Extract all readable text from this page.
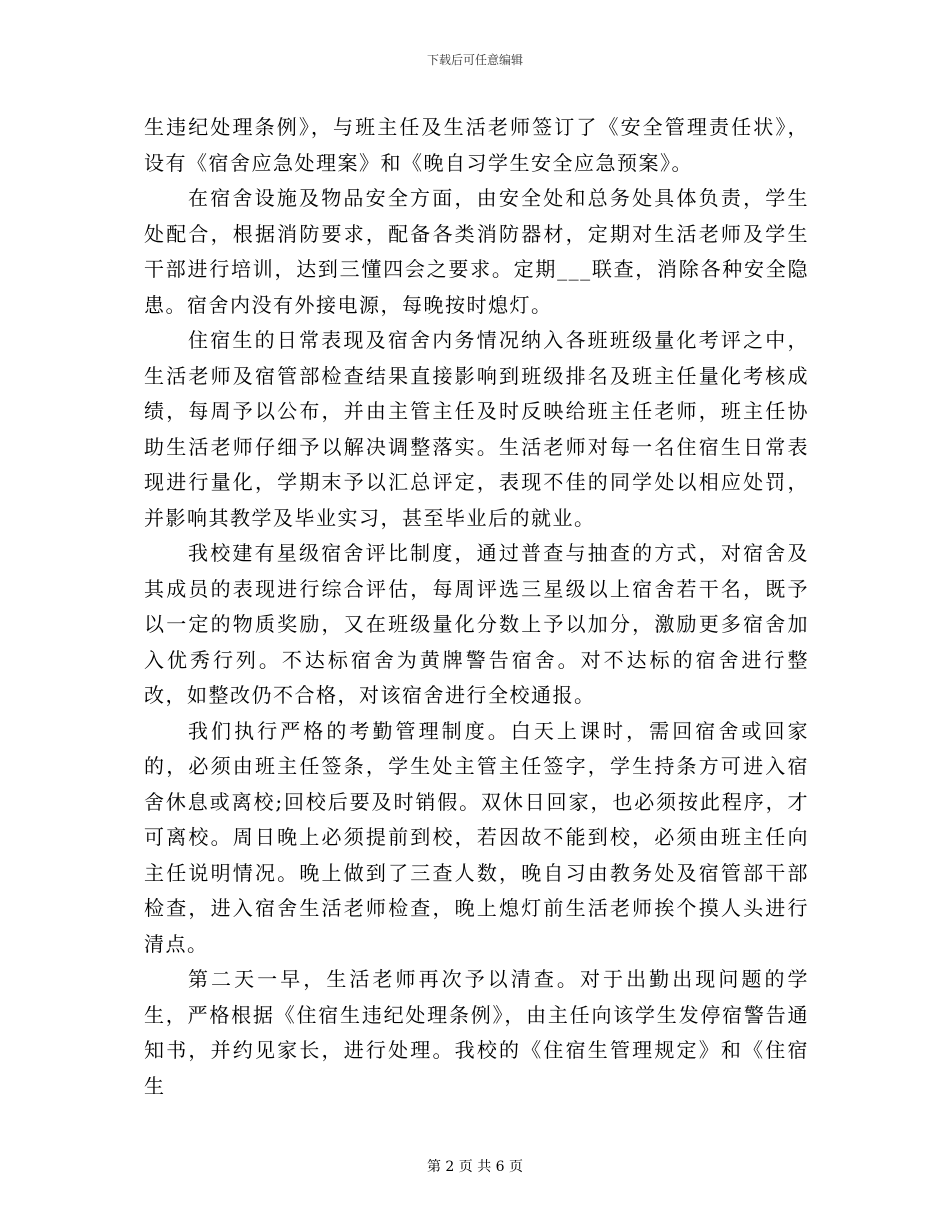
下载后可任意编辑

生违纪处理条例》，与班主任及生活老师签订了《安全管理责任状》，设有《宿舍应急处理案》和《晚自习学生安全应急预案》。

在宿舍设施及物品安全方面，由安全处和总务处具体负责，学生处配合，根据消防要求，配备各类消防器材，定期对生活老师及学生干部进行培训，达到三懂四会之要求。定期___联查，消除各种安全隐患。宿舍内没有外接电源，每晚按时熄灯。

住宿生的日常表现及宿舍内务情况纳入各班班级量化考评之中，生活老师及宿管部检查结果直接影响到班级排名及班主任量化考核成绩，每周予以公布，并由主管主任及时反映给班主任老师，班主任协助生活老师仔细予以解决调整落实。生活老师对每一名住宿生日常表现进行量化，学期末予以汇总评定，表现不佳的同学处以相应处罚，并影响其教学及毕业实习，甚至毕业后的就业。

我校建有星级宿舍评比制度，通过普查与抽查的方式，对宿舍及其成员的表现进行综合评估，每周评选三星级以上宿舍若干名，既予以一定的物质奖励，又在班级量化分数上予以加分，激励更多宿舍加入优秀行列。不达标宿舍为黄牌警告宿舍。对不达标的宿舍进行整改，如整改仍不合格，对该宿舍进行全校通报。

我们执行严格的考勤管理制度。白天上课时，需回宿舍或回家的，必须由班主任签条，学生处主管主任签字，学生持条方可进入宿舍休息或离校;回校后要及时销假。双休日回家，也必须按此程序，才可离校。周日晚上必须提前到校，若因故不能到校，必须由班主任向主任说明情况。晚上做到了三查人数，晚自习由教务处及宿管部干部检查，进入宿舍生活老师检查，晚上熄灯前生活老师挨个摸人头进行清点。

第二天一早，生活老师再次予以清查。对于出勤出现问题的学生，严格根据《住宿生违纪处理条例》，由主任向该学生发停宿警告通知书，并约见家长，进行处理。我校的《住宿生管理规定》和《住宿生

第 2 页 共 6 页
